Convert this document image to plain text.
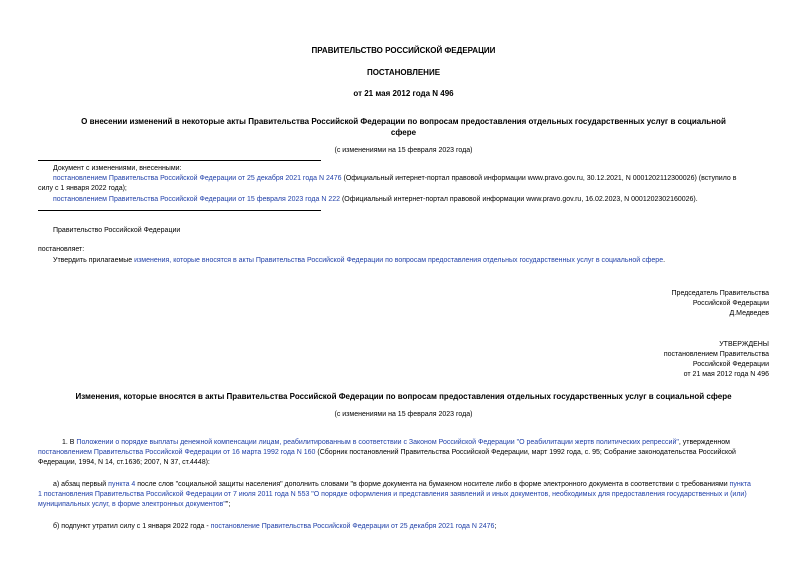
ПРАВИТЕЛЬСТВО РОССИЙСКОЙ ФЕДЕРАЦИИ
ПОСТАНОВЛЕНИЕ
от 21 мая 2012 года N 496
О внесении изменений в некоторые акты Правительства Российской Федерации по вопросам предоставления отдельных государственных услуг в социальной
сфере
(с изменениями на 15 февраля 2023 года)
Документ с изменениями, внесенными:
постановлением Правительства Российской Федерации от 25 декабря 2021 года N 2476 (Официальный интернет-портал правовой информации www.pravo.gov.ru, 30.12.2021, N 0001202112300026) (вступило в
силу с 1 января 2022 года);
постановлением Правительства Российской Федерации от 15 февраля 2023 года N 222 (Официальный интернет-портал правовой информации www.pravo.gov.ru, 16.02.2023, N 0001202302160026).
Правительство Российской Федерации
постановляет:
Утвердить прилагаемые изменения, которые вносятся в акты Правительства Российской Федерации по вопросам предоставления отдельных государственных услуг в социальной сфере.
Председатель Правительства
Российской Федерации
Д.Медведев
УТВЕРЖДЕНЫ
постановлением Правительства
Российской Федерации
от 21 мая 2012 года N 496
Изменения, которые вносятся в акты Правительства Российской Федерации по вопросам предоставления отдельных государственных услуг в социальной сфере
(с изменениями на 15 февраля 2023 года)
1. В Положении о порядке выплаты денежной компенсации лицам, реабилитированным в соответствии с Законом Российской Федерации "О реабилитации жертв политических репрессий", утвержденном
постановлением Правительства Российской Федерации от 16 марта 1992 года N 160 (Сборник постановлений Правительства Российской Федерации, март 1992 года, с. 95; Собрание законодательства Российской
Федерации, 1994, N 14, ст.1636; 2007, N 37, ст.4448):
а) абзац первый пункта 4 после слов "социальной защиты населения" дополнить словами "в форме документа на бумажном носителе либо в форме электронного документа в соответствии с требованиями пункта
1 постановления Правительства Российской Федерации от 7 июля 2011 года N 553 "О порядке оформления и представления заявлений и иных документов, необходимых для предоставления государственных и (или)
муниципальных услуг, в форме электронных документов"";
б) подпункт утратил силу с 1 января 2022 года - постановление Правительства Российской Федерации от 25 декабря 2021 года N 2476;
